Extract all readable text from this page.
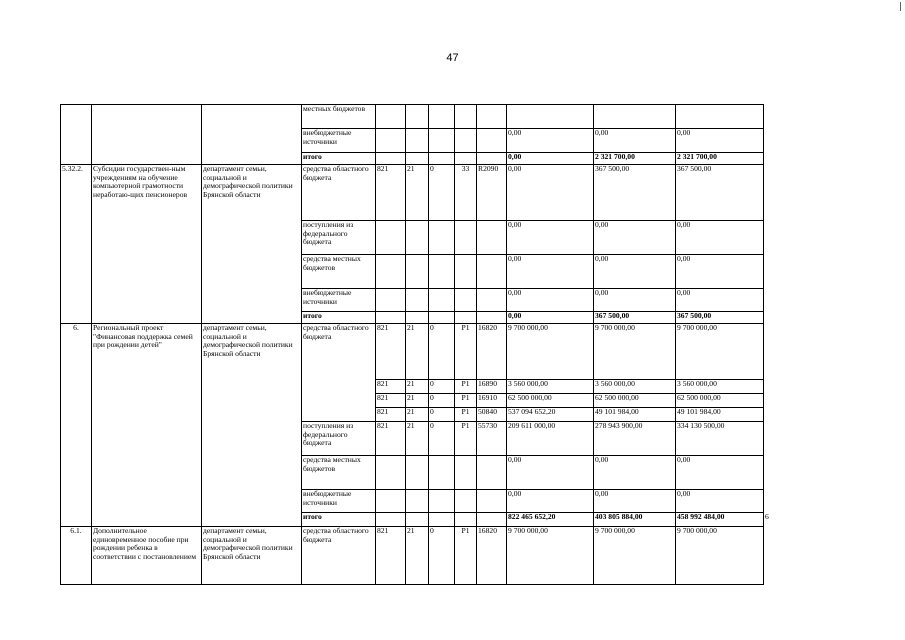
47
			местных бюджетов									
			внебюджетные источники						0,00	0,00	0,00	
			итого						0,00	2 321 700,00	2 321 700,00	
5.32.2.	Субсидии государствен-ным учреждениям на обучение компьютерной грамотности неработаю-щих пенсионеров	департамент семьи, социальной и демографической политики Брянской области	средства областного бюджета	821	21	0	33	R2090	0,00	367 500,00	367 500,00	
			поступления из федерального бюджета						0,00	0,00	0,00	
			средства местных бюджетов						0,00	0,00	0,00	
			внебюджетные источники						0,00	0,00	0,00	
			итого						0,00	367 500,00	367 500,00	
6.	Региональный проект "Финансовая поддержка семей при рождении детей"	департамент семьи, социальной и демографической политики Брянской области	средства областного бюджета	821	21	0	P1	16820	9 700 000,00	9 700 000,00	9 700 000,00	
				821	21	0	P1	16890	3 560 000,00	3 560 000,00	3 560 000,00	
				821	21	0	P1	16910	62 500 000,00	62 500 000,00	62 500 000,00	
				821	21	0	P1	50840	537 094 652,20	49 101 984,00	49 101 984,00	
			поступления из федерального бюджета	821	21	0	P1	55730	209 611 000,00	278 943 900,00	334 130 500,00	
			средства местных бюджетов						0,00	0,00	0,00	
			внебюджетные источники						0,00	0,00	0,00	
			итого						822 465 652,20	403 805 884,00	458 992 484,00	6
6.1.	Дополнительное единовременное пособие при рождении ребенка в соответствии с постановлением	департамент семьи, социальной и демографической политики Брянской области	средства областного бюджета	821	21	0	P1	16820	9 700 000,00	9 700 000,00	9 700 000,00	
